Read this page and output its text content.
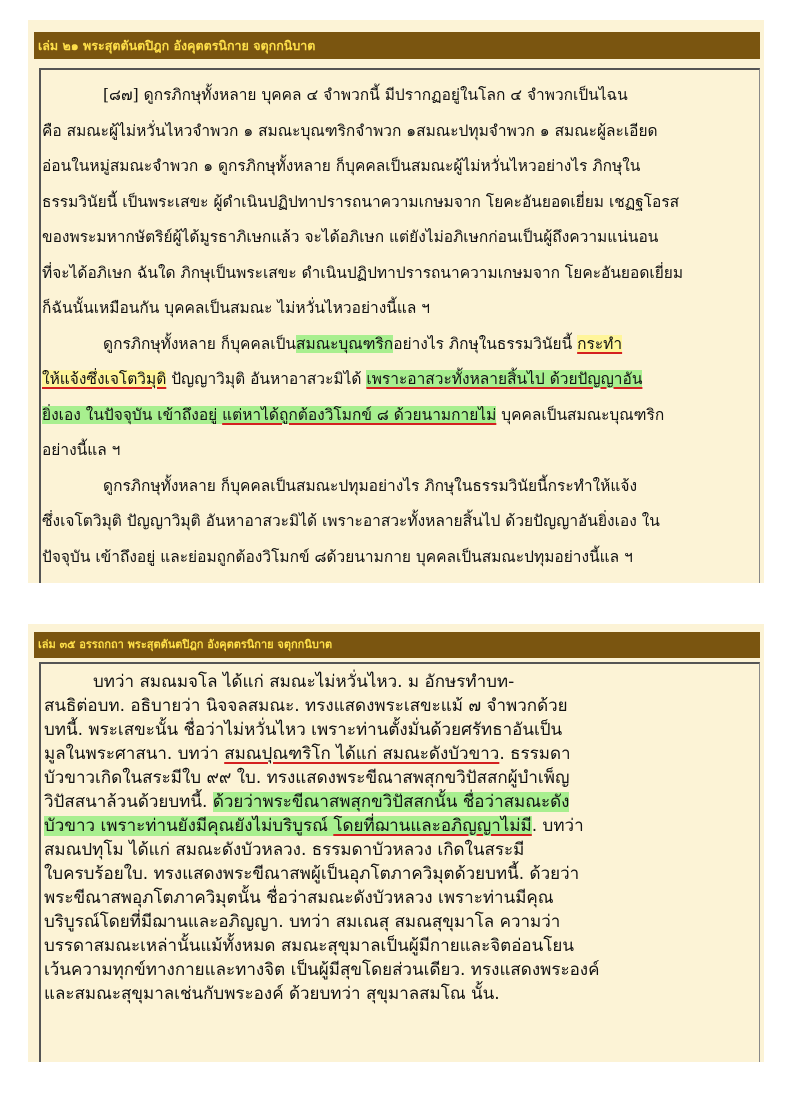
เล่ม ๒๑ พระสุตตันตปิฎก อังคุตตรนิกาย จตุกกนิบาต
[๘๗] ดูกรภิกษุทั้งหลาย บุคคล ๔ จำพวกนี้ มีปรากฏอยู่ในโลก ๔ จำพวกเป็นไฉน
คือ สมณะผู้ไม่หวั่นไหวจำพวก ๑ สมณะบุณฑริกจำพวก ๑สมณะปทุมจำพวก ๑ สมณะผู้ละเอียด
อ่อนในหมู่สมณะจำพวก ๑ ดูกรภิกษุทั้งหลาย ก็บุคคลเป็นสมณะผู้ไม่หวั่นไหวอย่างไร ภิกษุใน
ธรรมวินัยนี้ เป็นพระเสขะ ผู้ดำเนินปฏิปทาปรารถนาความเกษมจาก โยคะอันยอดเยี่ยม เชฏฐโอรส
ของพระมหากษัตริย์ผู้ได้มูรธาภิเษกแล้ว จะได้อภิเษก แต่ยังไม่อภิเษกก่อนเป็นผู้ถึงความแน่นอน
ที่จะได้อภิเษก ฉันใด ภิกษุเป็นพระเสขะ ดำเนินปฏิปทาปรารถนาความเกษมจาก โยคะอันยอดเยี่ยม
ก็ฉันนั้นเหมือนกัน บุคคลเป็นสมณะ ไม่หวั่นไหวอย่างนี้แล ฯ
ดูกรภิกษุทั้งหลาย ก็บุคคลเป็นสมณะบุณฑริกอย่างไร ภิกษุในธรรมวินัยนี้ กระทำ
ให้แจ้งซึ่งเจโตวิมุติ ปัญญาวิมุติ อันหาอาสวะมิได้ เพราะอาสวะทั้งหลายสิ้นไป ด้วยปัญญาอัน
ยิ่งเอง ในปัจจุบัน เข้าถึงอยู่ แต่หาได้ถูกต้องวิโมกข์ ๘ ด้วยนามกายไม่ บุคคลเป็นสมณะบุณฑริก
อย่างนี้แล ฯ
ดูกรภิกษุทั้งหลาย ก็บุคคลเป็นสมณะปทุมอย่างไร ภิกษุในธรรมวินัยนี้กระทำให้แจ้ง
ซึ่งเจโตวิมุติ ปัญญาวิมุติ อันหาอาสวะมิได้ เพราะอาสวะทั้งหลายสิ้นไป ด้วยปัญญาอันยิ่งเอง ใน
ปัจจุบัน เข้าถึงอยู่ และย่อมถูกต้องวิโมกข์ ๘ด้วยนามกาย บุคคลเป็นสมณะปทุมอย่างนี้แล ฯ
เล่ม ๓๕ อรรถกถา พระสุตตันตปิฎก อังคุตตรนิกาย จตุกกนิบาต
บทว่า สมณมจโล ได้แก่ สมณะไม่หวั่นไหว. ม อักษรทำบท-
สนธิต่อบท. อธิบายว่า นิจจลสมณะ. ทรงแสดงพระเสขะแม้ ๗ จำพวกด้วย
บทนี้. พระเสขะนั้น ชื่อว่าไม่หวั่นไหว เพราะท่านตั้งมั่นด้วยศรัทธาอันเป็น
มูลในพระศาสนา. บทว่า สมณปุณฑริโก ได้แก่ สมณะดังบัวขาว. ธรรมดา
บัวขาวเกิดในสระมีใบ ๙๙ ใบ. ทรงแสดงพระขีณาสพสุกขวิปัสสกผู้บำเพ็ญ
วิปัสสนาล้วนด้วยบทนี้. ด้วยว่าพระขีณาสพสุกขวิปัสสกนั้น ชื่อว่าสมณะดัง
บัวขาว เพราะท่านยังมีคุณยังไม่บริบูรณ์ โดยที่ฌานและอภิญญาไม่มี. บทว่า
สมณปทุโม ได้แก่ สมณะดังบัวหลวง. ธรรมดาบัวหลวง เกิดในสระมี
ใบครบร้อยใบ. ทรงแสดงพระขีณาสพผู้เป็นอุภโตภาควิมุตด้วยบทนี้. ด้วยว่า
พระขีณาสพอุภโตภาควิมุตนั้น ชื่อว่าสมณะดังบัวหลวง เพราะท่านมีคุณ
บริบูรณ์โดยที่มีฌานและอภิญญา. บทว่า สมเณสุ สมณสุขุมาโล ความว่า
บรรดาสมณะเหล่านั้นแม้ทั้งหมด สมณะสุขุมาลเป็นผู้มีกายและจิตอ่อนโยน
เว้นความทุกข์ทางกายและทางจิต เป็นผู้มีสุขโดยส่วนเดียว. ทรงแสดงพระองค์
และสมณะสุขุมาลเช่นกับพระองค์ ด้วยบทว่า สุขุมาลสมโณ นั้น.
